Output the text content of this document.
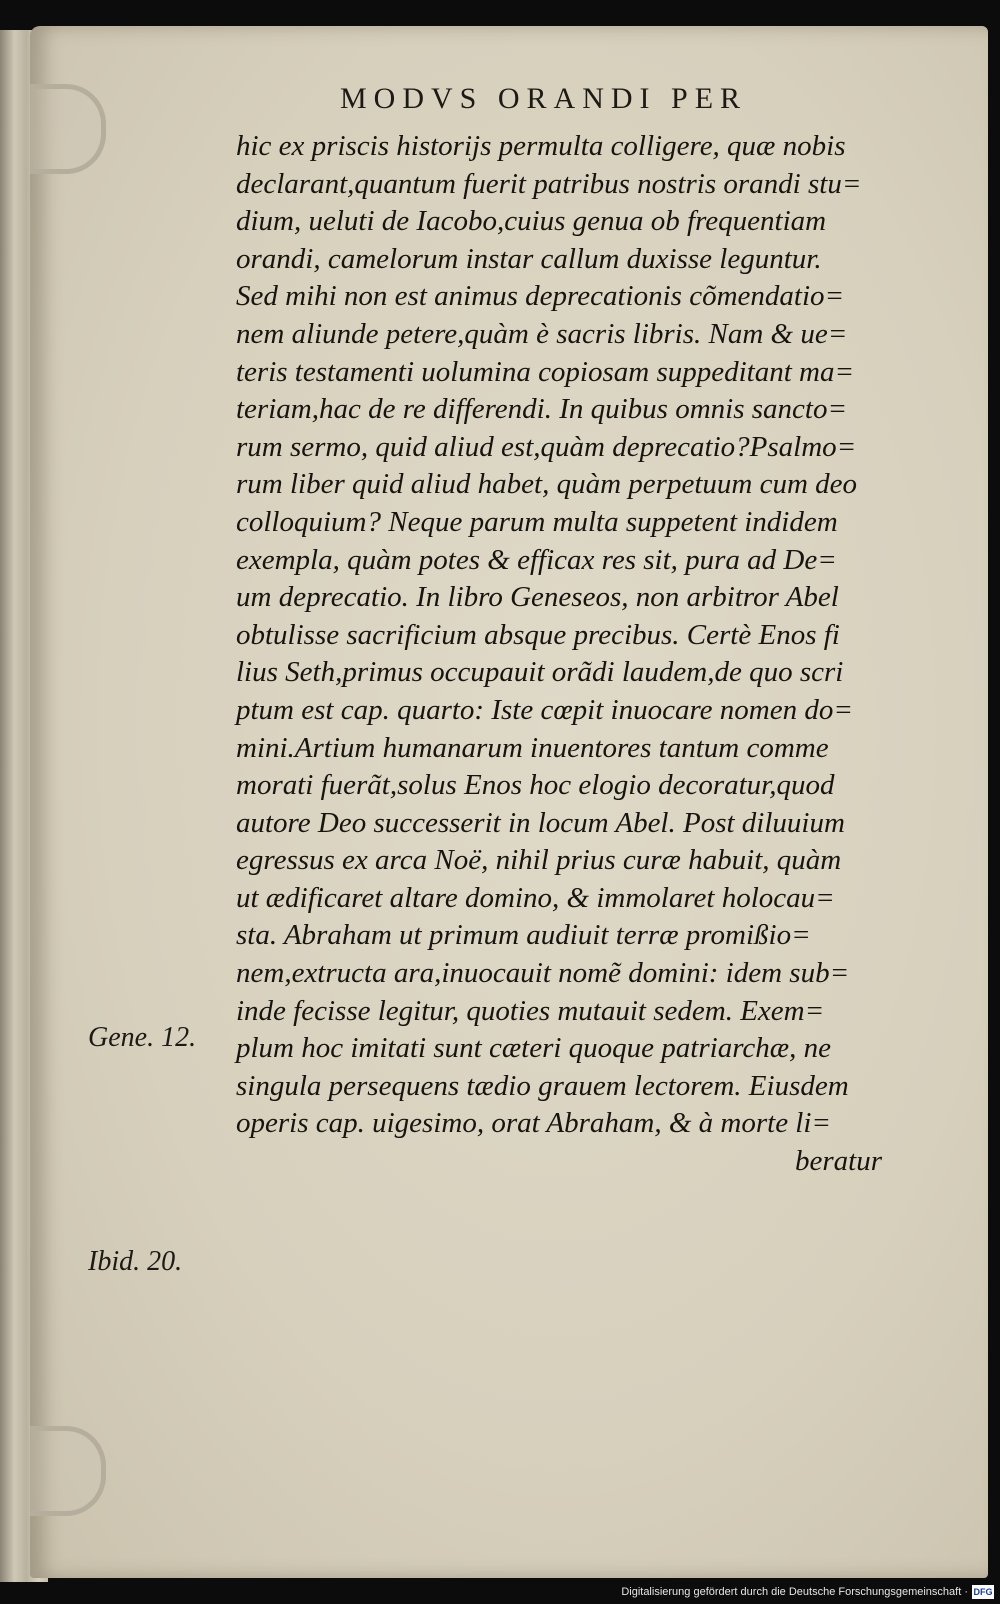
MODVS ORANDI PER
hic ex priscis historijs permulta colligere, quæ nobis
declarant,quantum fuerit patribus nostris orandi stu=
dium, ueluti de Iacobo,cuius genua ob frequentiam
orandi, camelorum instar callum duxisse leguntur.
Sed mihi non est animus deprecationis cõmendatio=
nem aliunde petere,quàm è sacris libris. Nam & ue=
teris testamenti uolumina copiosam suppeditant ma=
teriam,hac de re differendi. In quibus omnis sancto=
rum sermo, quid aliud est,quàm deprecatio?Psalmo=
rum liber quid aliud habet, quàm perpetuum cum deo
colloquium? Neque parum multa suppetent indidem
exempla, quàm potes & efficax res sit, pura ad De=
um deprecatio. In libro Geneseos, non arbitror Abel
obtulisse sacrificium absque precibus. Certè Enos fi
lius Seth,primus occupauit orãdi laudem,de quo scri
ptum est cap. quarto: Iste cœpit inuocare nomen do=
mini.Artium humanarum inuentores tantum comme
morati fuerãt,solus Enos hoc elogio decoratur,quod
autore Deo successerit in locum Abel. Post diluuium
egressus ex arca Noë, nihil prius curæ habuit, quàm
ut ædificaret altare domino, & immolaret holocau=
sta. Abraham ut primum audiuit terræ promißio=
nem,extructa ara,inuocauit nomẽ domini: idem sub=
inde fecisse legitur, quoties mutauit sedem. Exem=
plum hoc imitati sunt cæteri quoque patriarchæ, ne
singula persequens tædio grauem lectorem. Eiusdem
operis cap. uigesimo, orat Abraham, & à morte li=
beratur
Gene. 12.
Ibid. 20.
Digitalisierung gefördert durch die Deutsche Forschungsgemeinschaft · DFG
